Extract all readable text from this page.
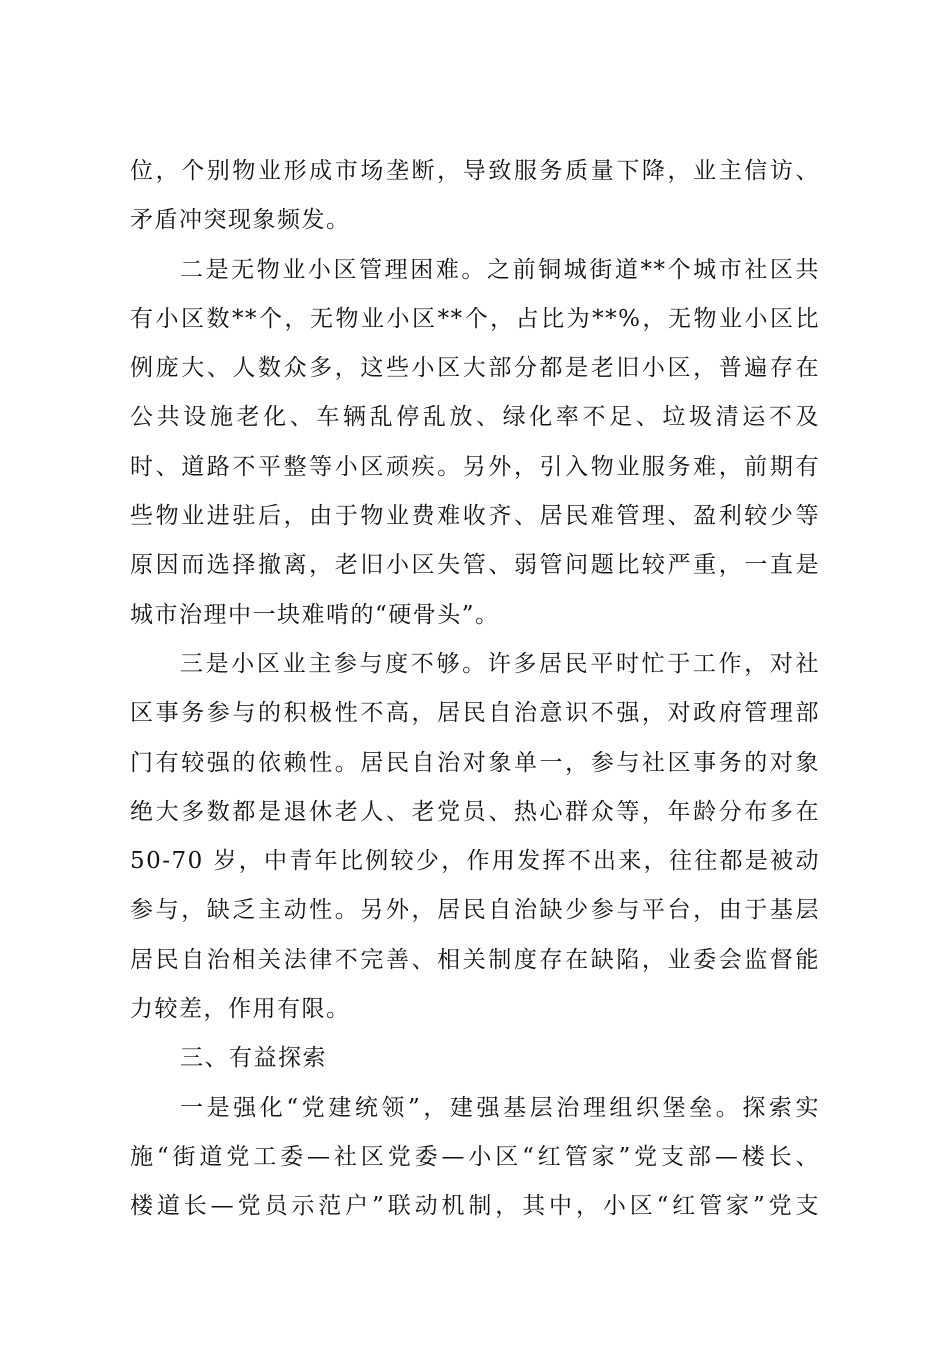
位，个别物业形成市场垄断，导致服务质量下降，业主信访、
矛盾冲突现象频发。
二是无物业小区管理困难。之前铜城街道**个城市社区共
有小区数**个，无物业小区**个，占比为**%，无物业小区比
例庞大、人数众多，这些小区大部分都是老旧小区，普遍存在
公共设施老化、车辆乱停乱放、绿化率不足、垃圾清运不及
时、道路不平整等小区顽疾。另外，引入物业服务难，前期有
些物业进驻后，由于物业费难收齐、居民难管理、盈利较少等
原因而选择撤离，老旧小区失管、弱管问题比较严重，一直是
城市治理中一块难啃的“硬骨头”。
三是小区业主参与度不够。许多居民平时忙于工作，对社
区事务参与的积极性不高，居民自治意识不强，对政府管理部
门有较强的依赖性。居民自治对象单一，参与社区事务的对象
绝大多数都是退休老人、老党员、热心群众等，年龄分布多在
50-70 岁，中青年比例较少，作用发挥不出来，往往都是被动
参与，缺乏主动性。另外，居民自治缺少参与平台，由于基层
居民自治相关法律不完善、相关制度存在缺陷，业委会监督能
力较差，作用有限。
三、有益探索
一是强化“党建统领”，建强基层治理组织堡垒。探索实
施“街道党工委—社区党委—小区“红管家”党支部—楼长、
楼道长—党员示范户”联动机制，其中，小区“红管家”党支
